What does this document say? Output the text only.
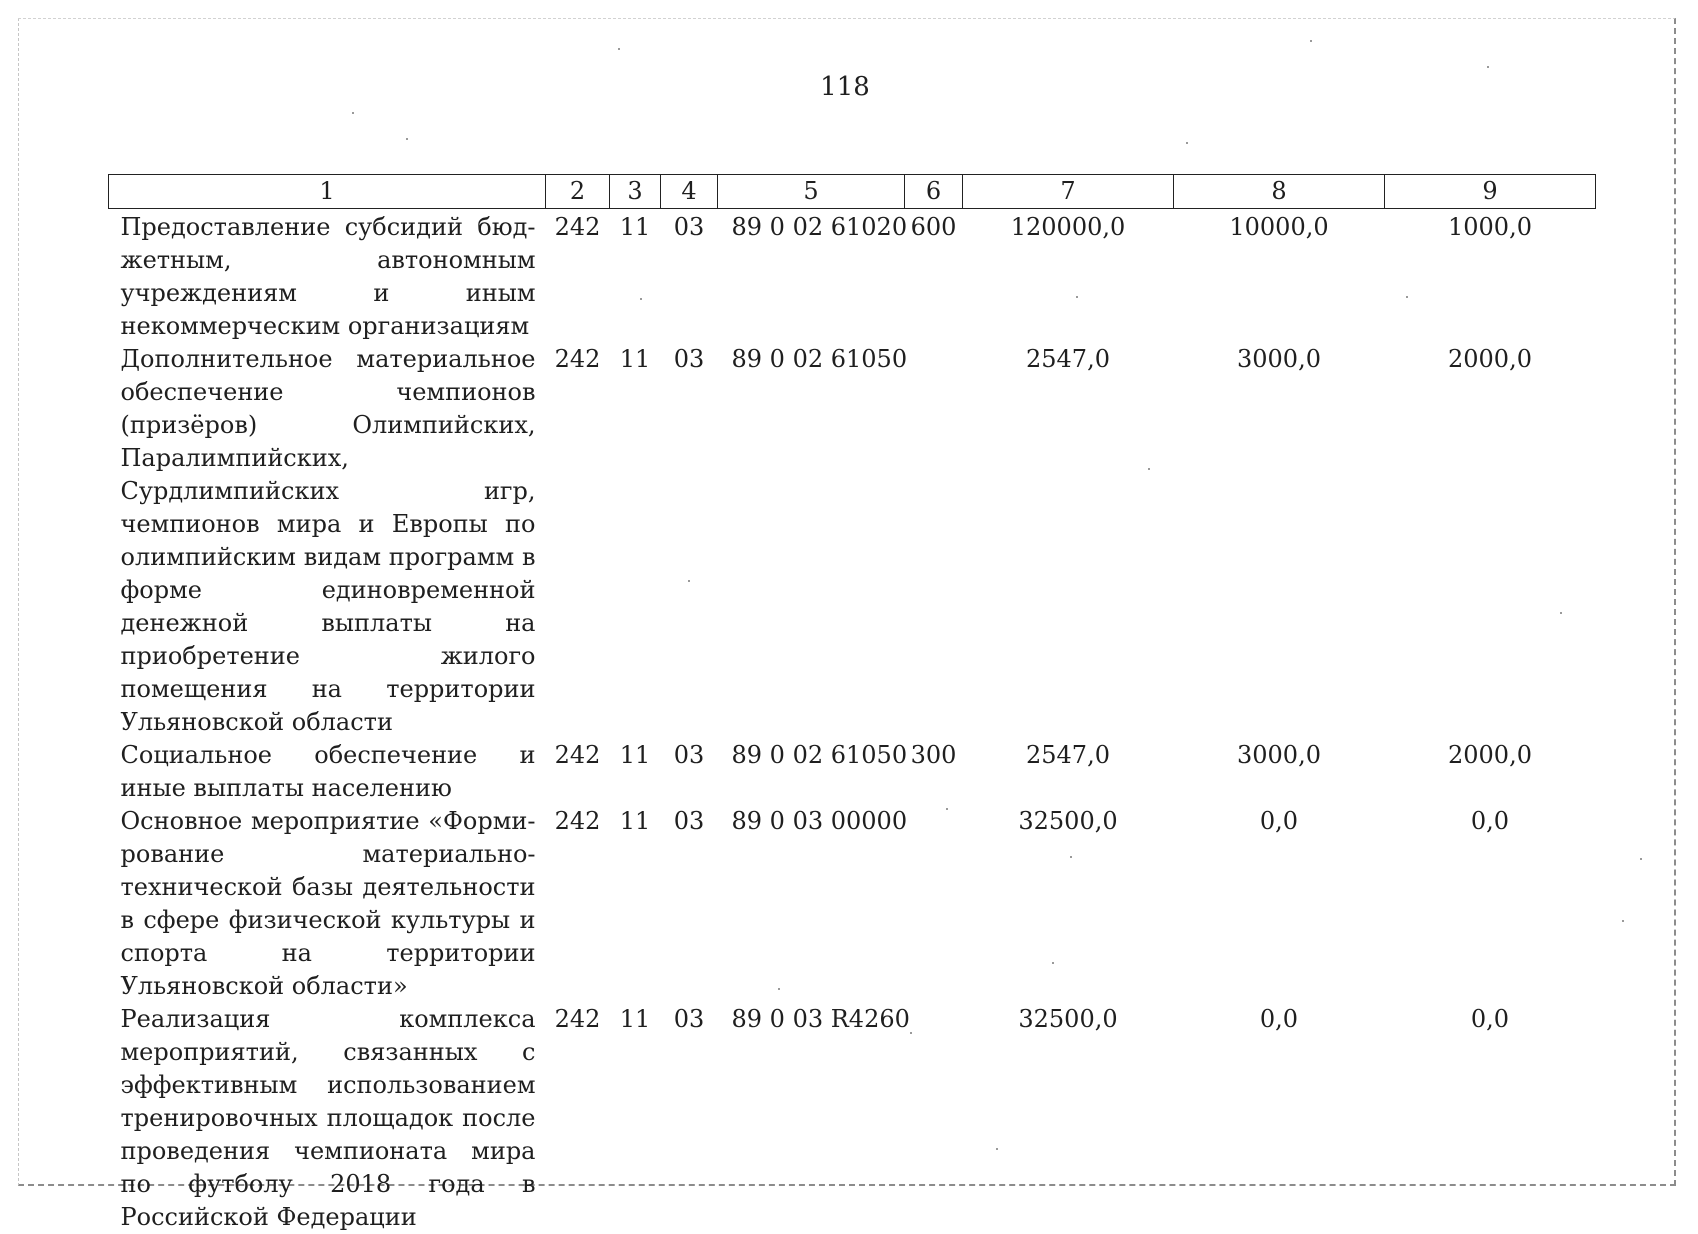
118
1	2	3	4	5	6	7	8	9
Предоставление субсидий бюджетным, автономным учреждениям и иным некоммерческим организациям	242	11	03	89 0 02 61020	600	120000,0	10000,0	1000,0
Дополнительное материальное обеспечение чемпионов (призёров) Олимпийских, Паралимпийских, Сурдлимпийских игр, чемпионов мира и Европы по олимпийским видам программ в форме единовременной денежной выплаты на приобретение жилого помещения на территории Ульяновской области	242	11	03	89 0 02 61050		2547,0	3000,0	2000,0
Социальное обеспечение и иные выплаты населению	242	11	03	89 0 02 61050	300	2547,0	3000,0	2000,0
Основное мероприятие «Формирование материально-технической базы деятельности в сфере физической культуры и спорта на территории Ульяновской области»	242	11	03	89 0 03 00000		32500,0	0,0	0,0
Реализация комплекса мероприятий, связанных с эффективным использованием тренировочных площадок после проведения чемпионата мира по футболу 2018 года в Российской Федерации	242	11	03	89 0 03 R4260		32500,0	0,0	0,0
